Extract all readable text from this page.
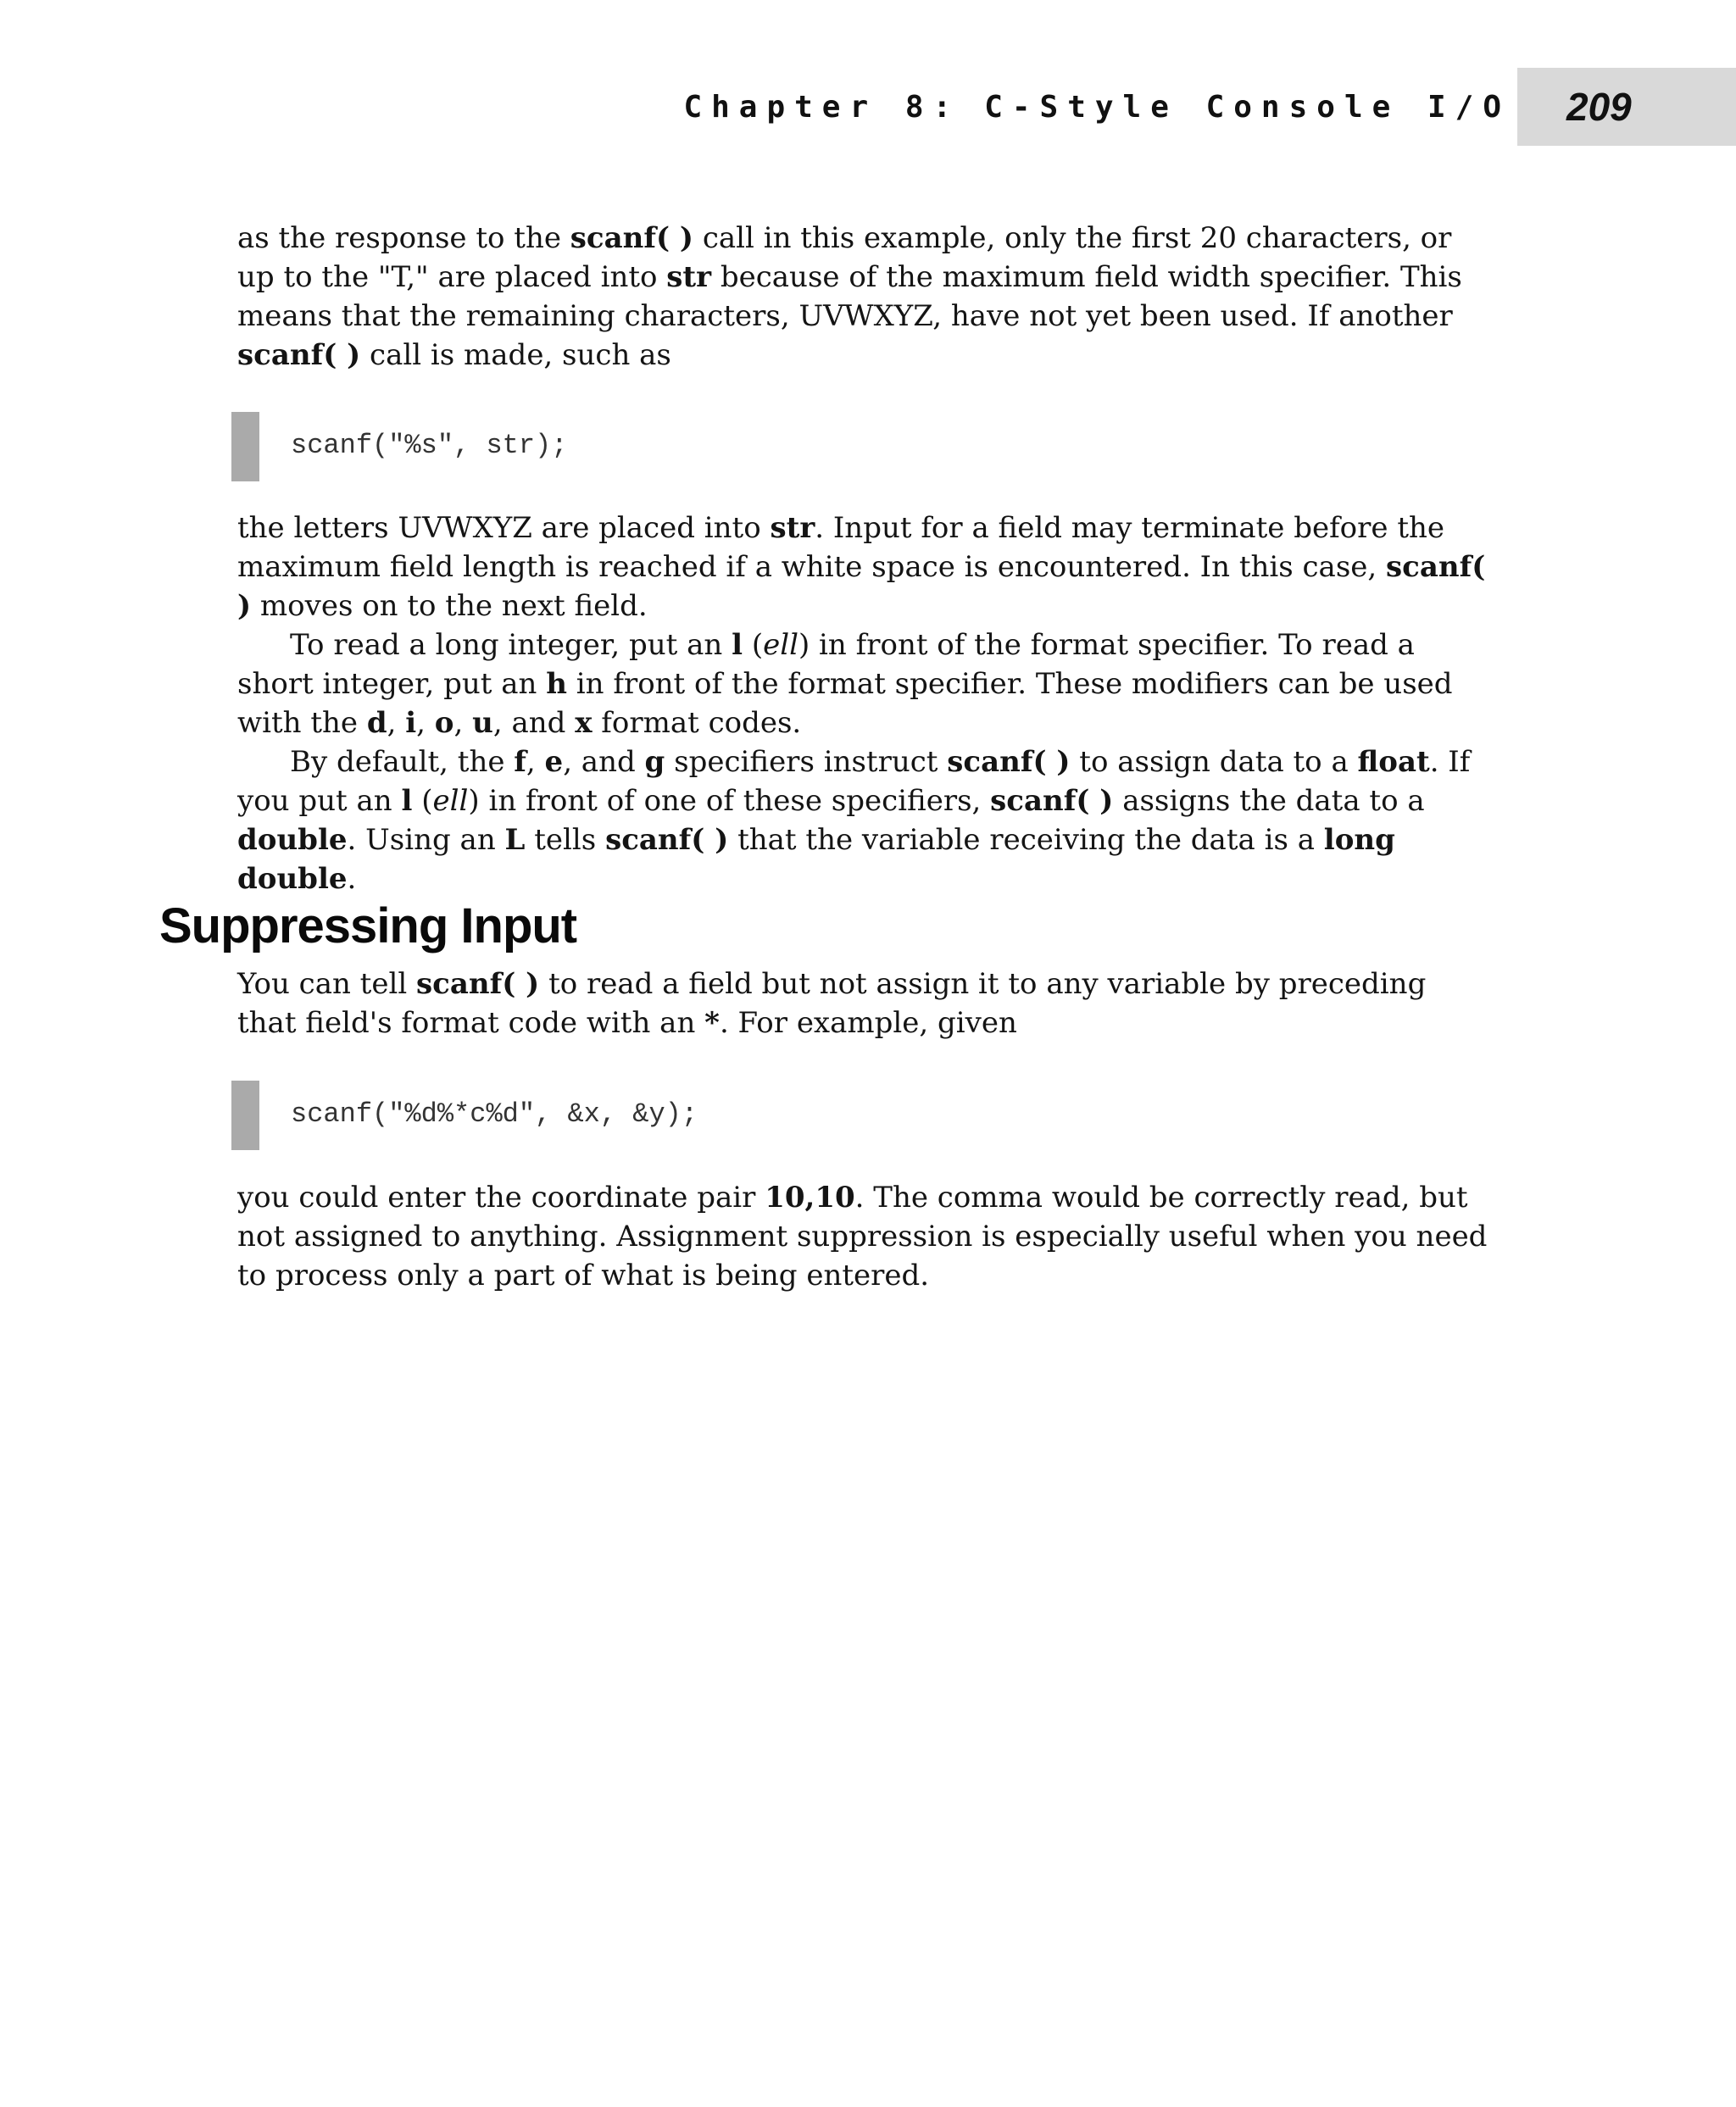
Chapter 8: C-Style Console I/O 209

as the response to the scanf( ) call in this example, only the first 20 characters, or up to the "T," are placed into str because of the maximum field width specifier. This means that the remaining characters, UVWXYZ, have not yet been used. If another scanf( ) call is made, such as

scanf("%s", str);

the letters UVWXYZ are placed into str. Input for a field may terminate before the maximum field length is reached if a white space is encountered. In this case, scanf( ) moves on to the next field.

To read a long integer, put an l (ell) in front of the format specifier. To read a short integer, put an h in front of the format specifier. These modifiers can be used with the d, i, o, u, and x format codes.

By default, the f, e, and g specifiers instruct scanf( ) to assign data to a float. If you put an l (ell) in front of one of these specifiers, scanf( ) assigns the data to a double. Using an L tells scanf( ) that the variable receiving the data is a long double.

Suppressing Input

You can tell scanf( ) to read a field but not assign it to any variable by preceding that field's format code with an *. For example, given

scanf("%d%*c%d", &x, &y);

you could enter the coordinate pair 10,10. The comma would be correctly read, but not assigned to anything. Assignment suppression is especially useful when you need to process only a part of what is being entered.
